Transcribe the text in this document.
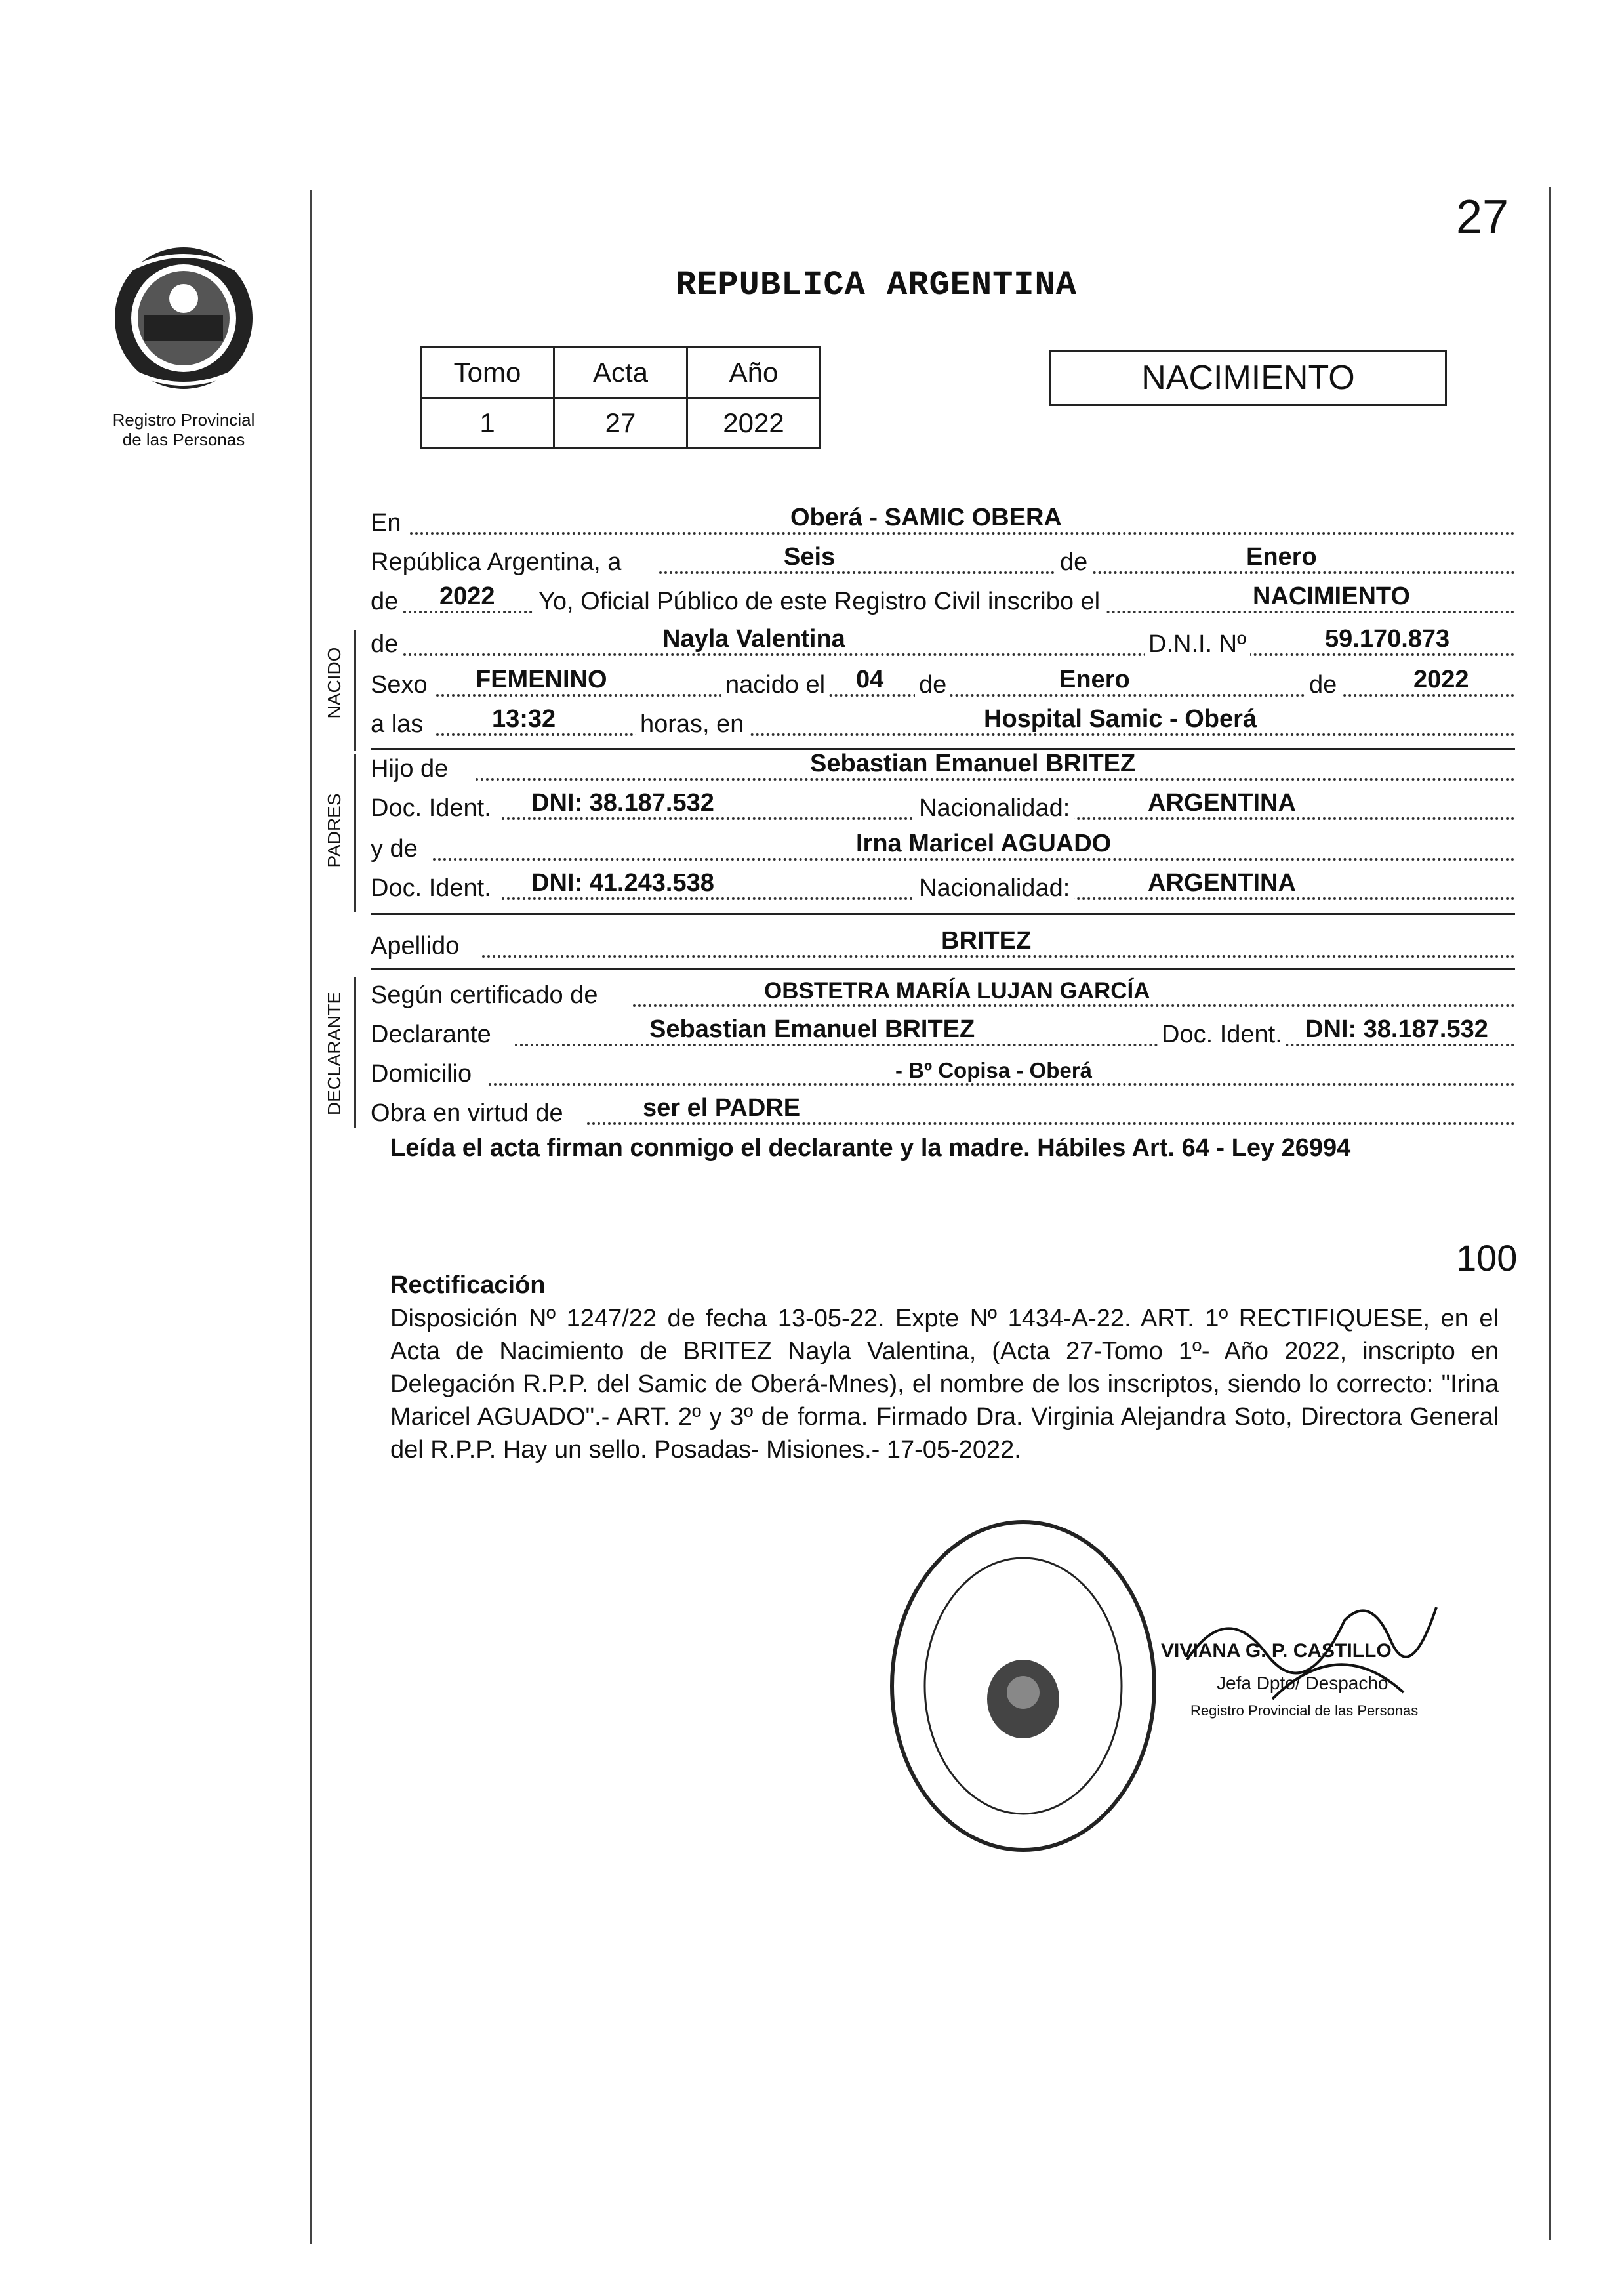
27
Registro Provincial
de las Personas
REPUBLICA ARGENTINA
Tomo	Acta	Año
1	27	2022
NACIMIENTO
En	Oberá - SAMIC OBERA
República Argentina, a	Seis	de	Enero
de 2022 Yo, Oficial Público de este Registro Civil inscribo el	NACIMIENTO
NACIDO
de	Nayla Valentina	D.N.I. Nº	59.170.873
Sexo FEMENINO	nacido el 04 de	Enero	de	2022
a las	13:32	horas, en	Hospital Samic - Oberá
PADRES
Hijo de	Sebastian Emanuel BRITEZ
Doc. Ident. DNI: 38.187.532	Nacionalidad:	ARGENTINA
y de	Irna Maricel AGUADO
Doc. Ident. DNI: 41.243.538	Nacionalidad:	ARGENTINA
Apellido	BRITEZ
DECLARANTE Según certificado de	OBSTETRA MARÍA LUJAN GARCÍA
Declarante	Sebastian Emanuel BRITEZ	Doc. Ident. DNI: 38.187.532
Domicilio	- Bº Copisa - Oberá
Obra en virtud de	ser el PADRE
Leída el acta firman conmigo el declarante y la madre. Hábiles Art. 64 - Ley 26994
100
Rectificación
Disposición Nº 1247/22 de fecha 13-05-22. Expte Nº 1434-A-22. ART. 1º RECTIFIQUESE, en el Acta de Nacimiento de BRITEZ Nayla Valentina, (Acta 27-Tomo 1º- Año 2022, inscripto en Delegación R.P.P. del Samic de Oberá-Mnes), el nombre de los inscriptos, siendo lo correcto: "Irina Maricel AGUADO".- ART. 2º y 3º de forma. Firmado Dra. Virginia Alejandra Soto, Directora General del R.P.P. Hay un sello. Posadas- Misiones.- 17-05-2022.
VIVIANA G. P. CASTILLO
Jefa Dpto/ Despacho
Registro Provincial de las Personas
